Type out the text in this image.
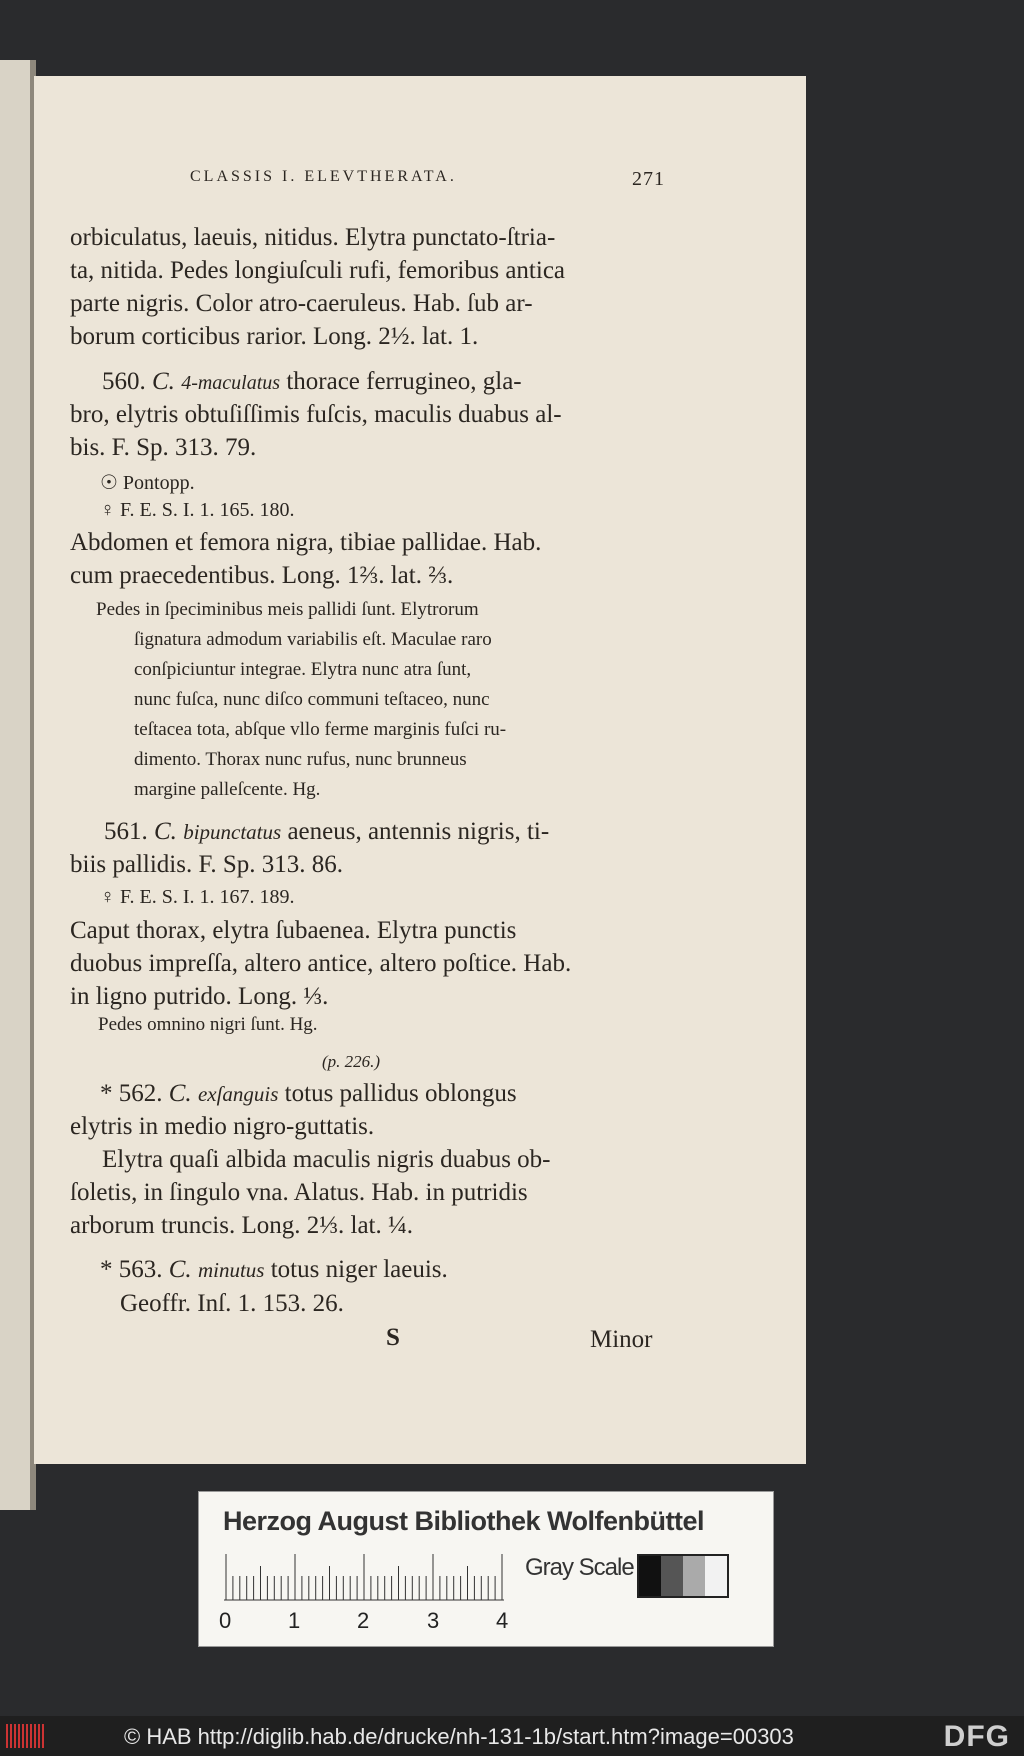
CLASSIS I. ELEVTHERATA.	271
orbiculatus, laeuis, nitidus. Elytra punctato-ſtria-
ta, nitida. Pedes longiuſculi rufi, femoribus antica
parte nigris. Color atro-caeruleus. Hab. ſub ar-
borum corticibus rarior. Long. 2½. lat. 1.
560. C. 4-maculatus thorace ferrugineo, gla-
bro, elytris obtuſiſſimis fuſcis, maculis duabus al-
bis. F. Sp. 313. 79.
☉ Pontopp.
♀ F. E. S. I. 1. 165. 180.
Abdomen et femora nigra, tibiae pallidae. Hab.
cum praecedentibus. Long. 1⅔. lat. ⅔.
Pedes in ſpeciminibus meis pallidi ſunt. Elytrorum
ſignatura admodum variabilis eſt. Maculae raro
conſpiciuntur integrae. Elytra nunc atra ſunt,
nunc fuſca, nunc diſco communi teſtaceo, nunc
teſtacea tota, abſque vllo ferme marginis fuſci ru-
dimento. Thorax nunc rufus, nunc brunneus
margine palleſcente. Hg.
561. C. bipunctatus aeneus, antennis nigris, ti-
biis pallidis. F. Sp. 313. 86.
♀ F. E. S. I. 1. 167. 189.
Caput thorax, elytra ſubaenea. Elytra punctis
duobus impreſſa, altero antice, altero poſtice. Hab.
in ligno putrido. Long. ⅓.
Pedes omnino nigri ſunt. Hg.
(p. 226.)
* 562. C. exſanguis totus pallidus oblongus
elytris in medio nigro-guttatis.
Elytra quaſi albida maculis nigris duabus ob-
ſoletis, in ſingulo vna. Alatus. Hab. in putridis
arborum truncis. Long. 2⅓. lat. ¼.
* 563. C. minutus totus niger laeuis.
Geoffr. Inſ. 1. 153. 26.
S	Minor
Herzog August Bibliothek Wolfenbüttel
0	1	2	3	4
Gray Scale
© HAB http://diglib.hab.de/drucke/nh-131-1b/start.htm?image=00303	DFG
